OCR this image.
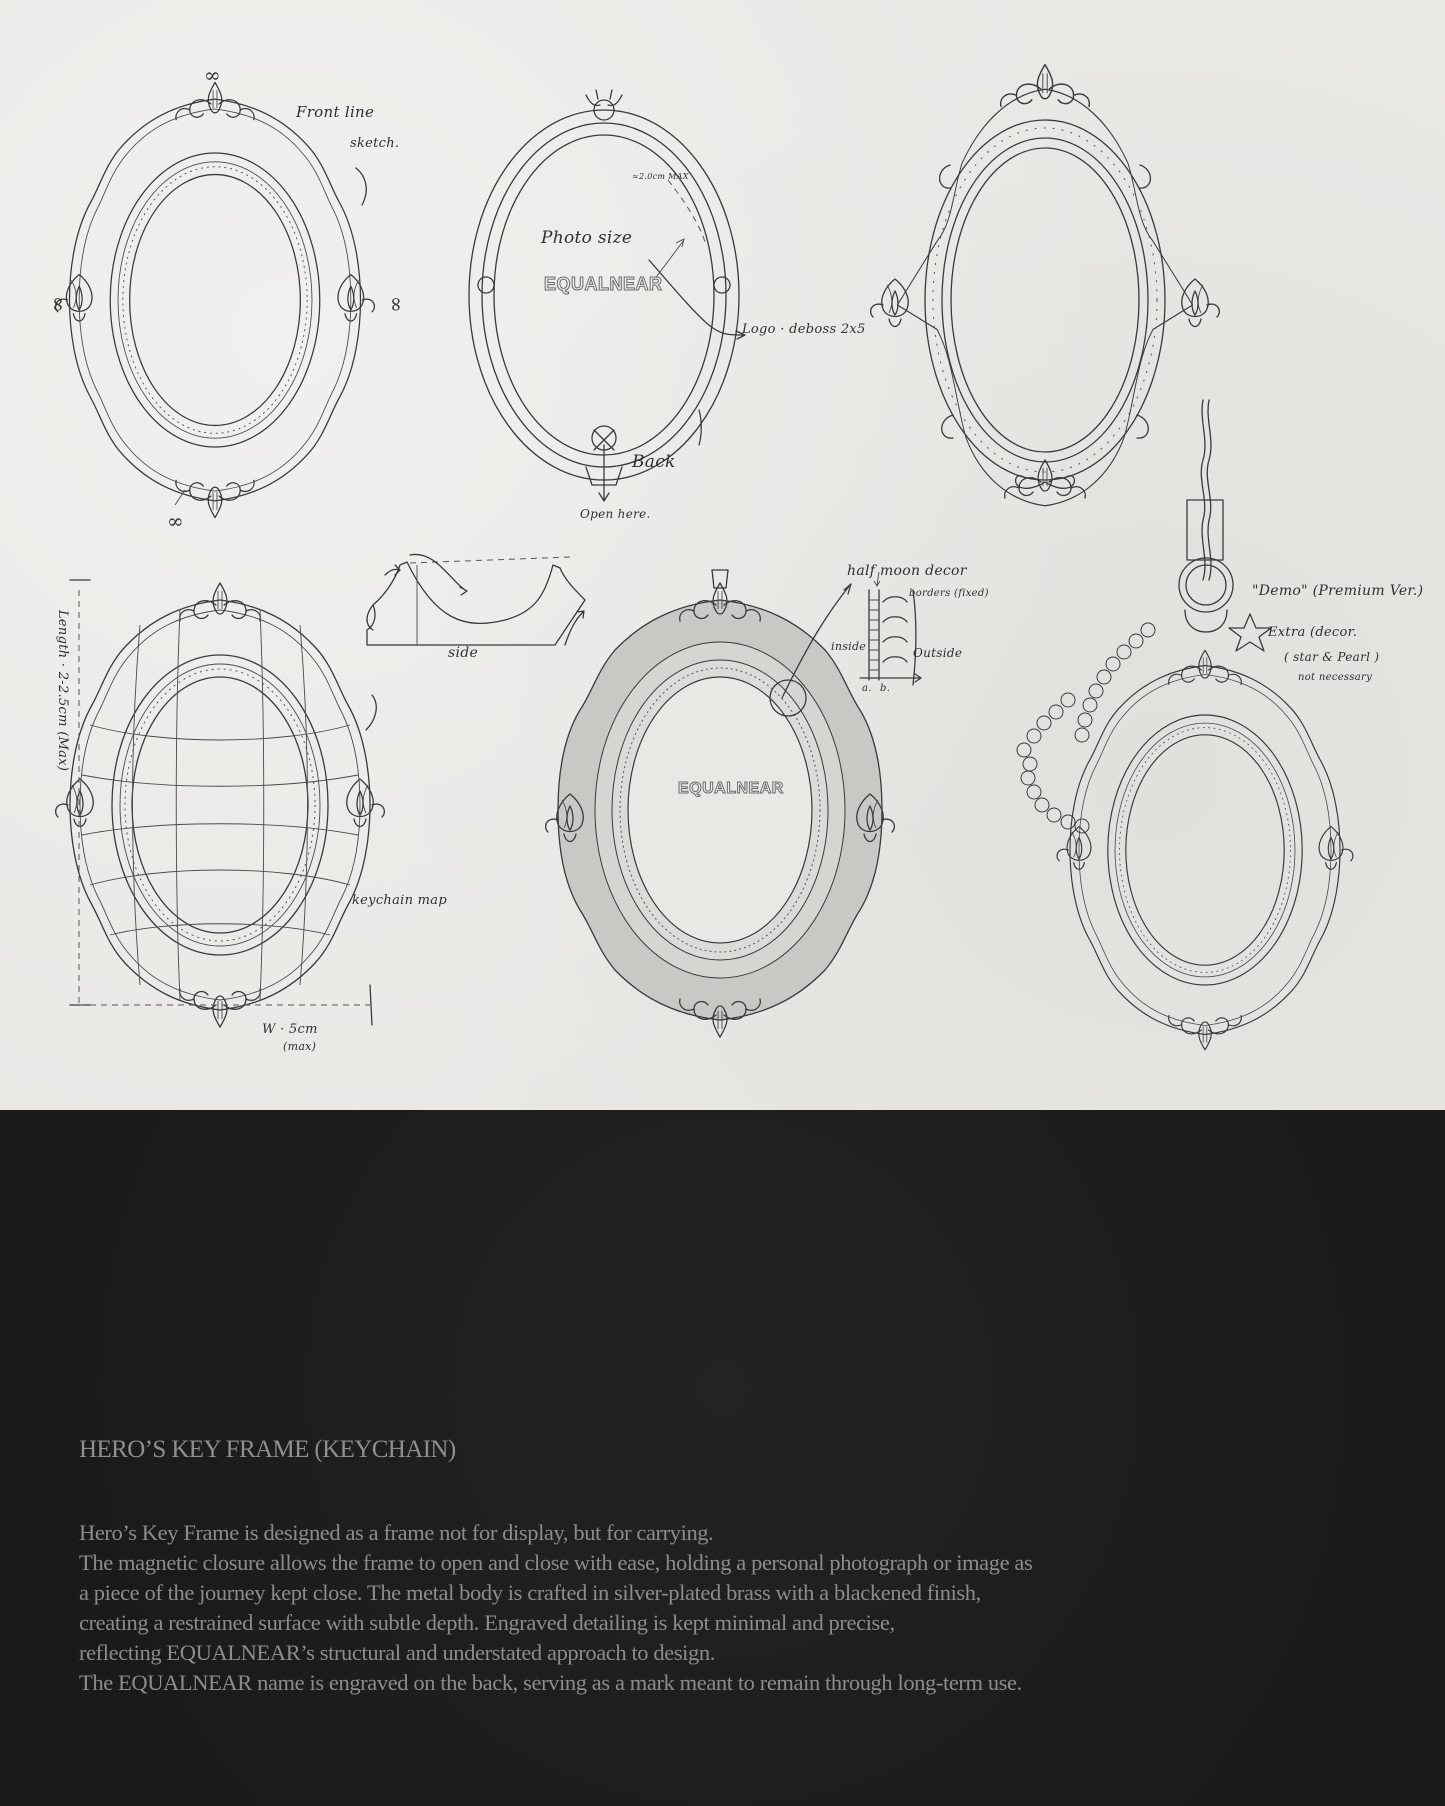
∞
∞	∞
∞
Front line
sketch.
Photo size
≈2.0cm MAX
EQUALNEAR
Logo · deboss 2x5
Back
Open here.
side
Length · 2-2.5cm (Max)
W · 5cm
(max)
keychain map
EQUALNEAR
half moon decor
borders (fixed)
inside	Outside
a. b.
"Demo" (Premium Ver.)
Extra (decor.
( star & Pearl )
not necessary
HERO’S KEY FRAME (KEYCHAIN)
Hero’s Key Frame is designed as a frame not for display, but for carrying.
The magnetic closure allows the frame to open and close with ease, holding a personal photograph or image as
a piece of the journey kept close. The metal body is crafted in silver-plated brass with a blackened finish,
creating a restrained surface with subtle depth. Engraved detailing is kept minimal and precise,
reflecting EQUALNEAR’s structural and understated approach to design.
The EQUALNEAR name is engraved on the back, serving as a mark meant to remain through long-term use.
